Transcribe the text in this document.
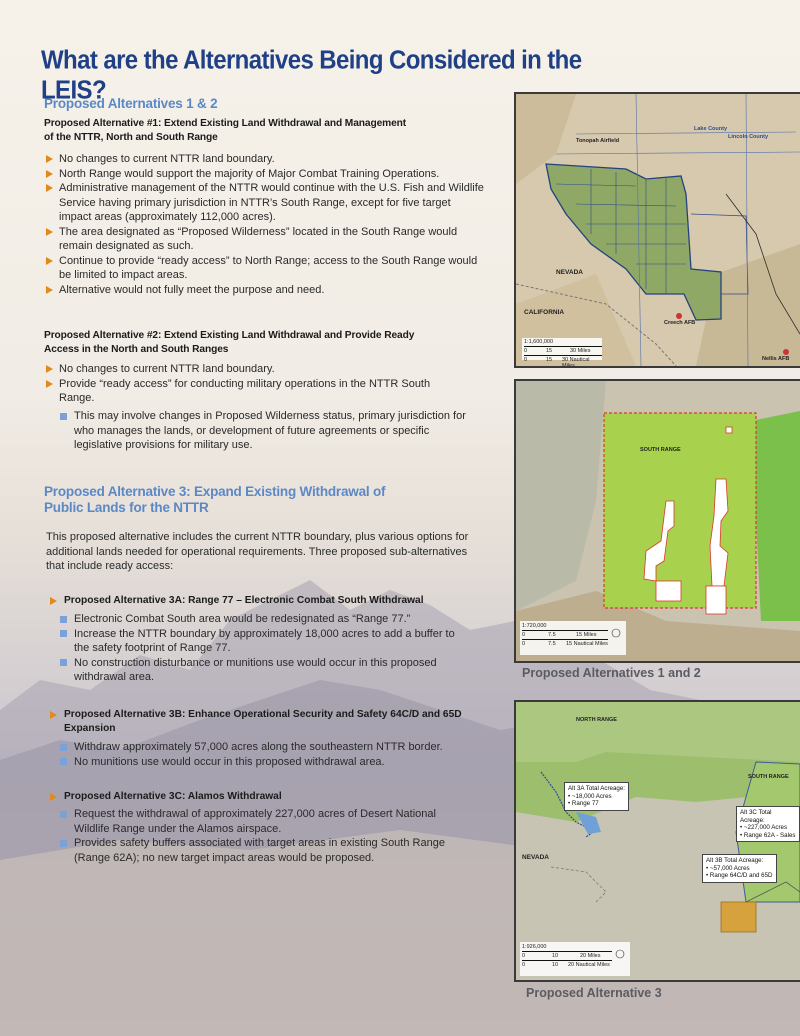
What are the Alternatives Being Considered in the LEIS?
Proposed Alternatives 1 & 2
Proposed Alternative #1: Extend Existing Land Withdrawal and Management
of the NTTR, North and South Range
No changes to current NTTR land boundary.
North Range would support the majority of Major Combat Training Operations.
Administrative management of the NTTR would continue with the U.S. Fish and Wildlife Service having primary jurisdiction in NTTR’s South Range, except for five target impact areas (approximately 112,000 acres).
The area designated as “Proposed Wilderness” located in the South Range would remain designated as such.
Continue to provide “ready access” to North Range; access to the South Range would be limited to impact areas.
Alternative would not fully meet the purpose and need.
Proposed Alternative #2: Extend Existing Land Withdrawal and Provide Ready
Access in the North and South Ranges
No changes to current NTTR land boundary.
Provide “ready access” for conducting military operations in the NTTR South Range.
This may involve changes in Proposed Wilderness status, primary jurisdiction for who manages the lands, or development of future agreements or specific legislative provisions for military use.
Proposed Alternative 3: Expand Existing Withdrawal of
Public Lands for the NTTR
This proposed alternative includes the current NTTR boundary, plus various options for additional lands needed for operational requirements. Three proposed sub-alternatives that include ready access:
Proposed Alternative 3A: Range 77 – Electronic Combat South Withdrawal
Electronic Combat South area would be redesignated as “Range 77.”
Increase the NTTR boundary by approximately 18,000 acres to add a buffer to the safety footprint of Range 77.
No construction disturbance or munitions use would occur in this proposed withdrawal area.
Proposed Alternative 3B: Enhance Operational Security and Safety 64C/D and 65D Expansion
Withdraw approximately 57,000 acres along the southeastern NTTR border.
No munitions use would occur in this proposed withdrawal area.
Proposed Alternative 3C: Alamos Withdrawal
Request the withdrawal of approximately 227,000 acres of Desert National Wildlife Range under the Alamos airspace.
Provides safety buffers associated with target areas in existing South Range (Range 62A); no new target impact areas would be proposed.
Tonopah Airfield
NEVADA
CALIFORNIA
Creech AFB
Nellis AFB
Lake County
Lincoln County
1:1,600,000
0	15	30 Miles
0	15 30 Nautical Miles
SOUTH RANGE
1:720,000
0	7.5	15 Miles
0	7.5 15 Nautical Miles
Proposed Alternatives 1 and 2
NORTH RANGE
SOUTH RANGE
NEVADA
Alt 3A Total Acreage:
• ~18,000 Acres
• Range 77
Alt 3C Total Acreage:
• ~227,000 Acres
• Range 62A - Sales
Alt 3B Total Acreage:
• ~57,000 Acres
• Range 64C/D and 65D
1:926,000
0	10	20 Miles
0	10 20 Nautical Miles
Proposed Alternative 3
